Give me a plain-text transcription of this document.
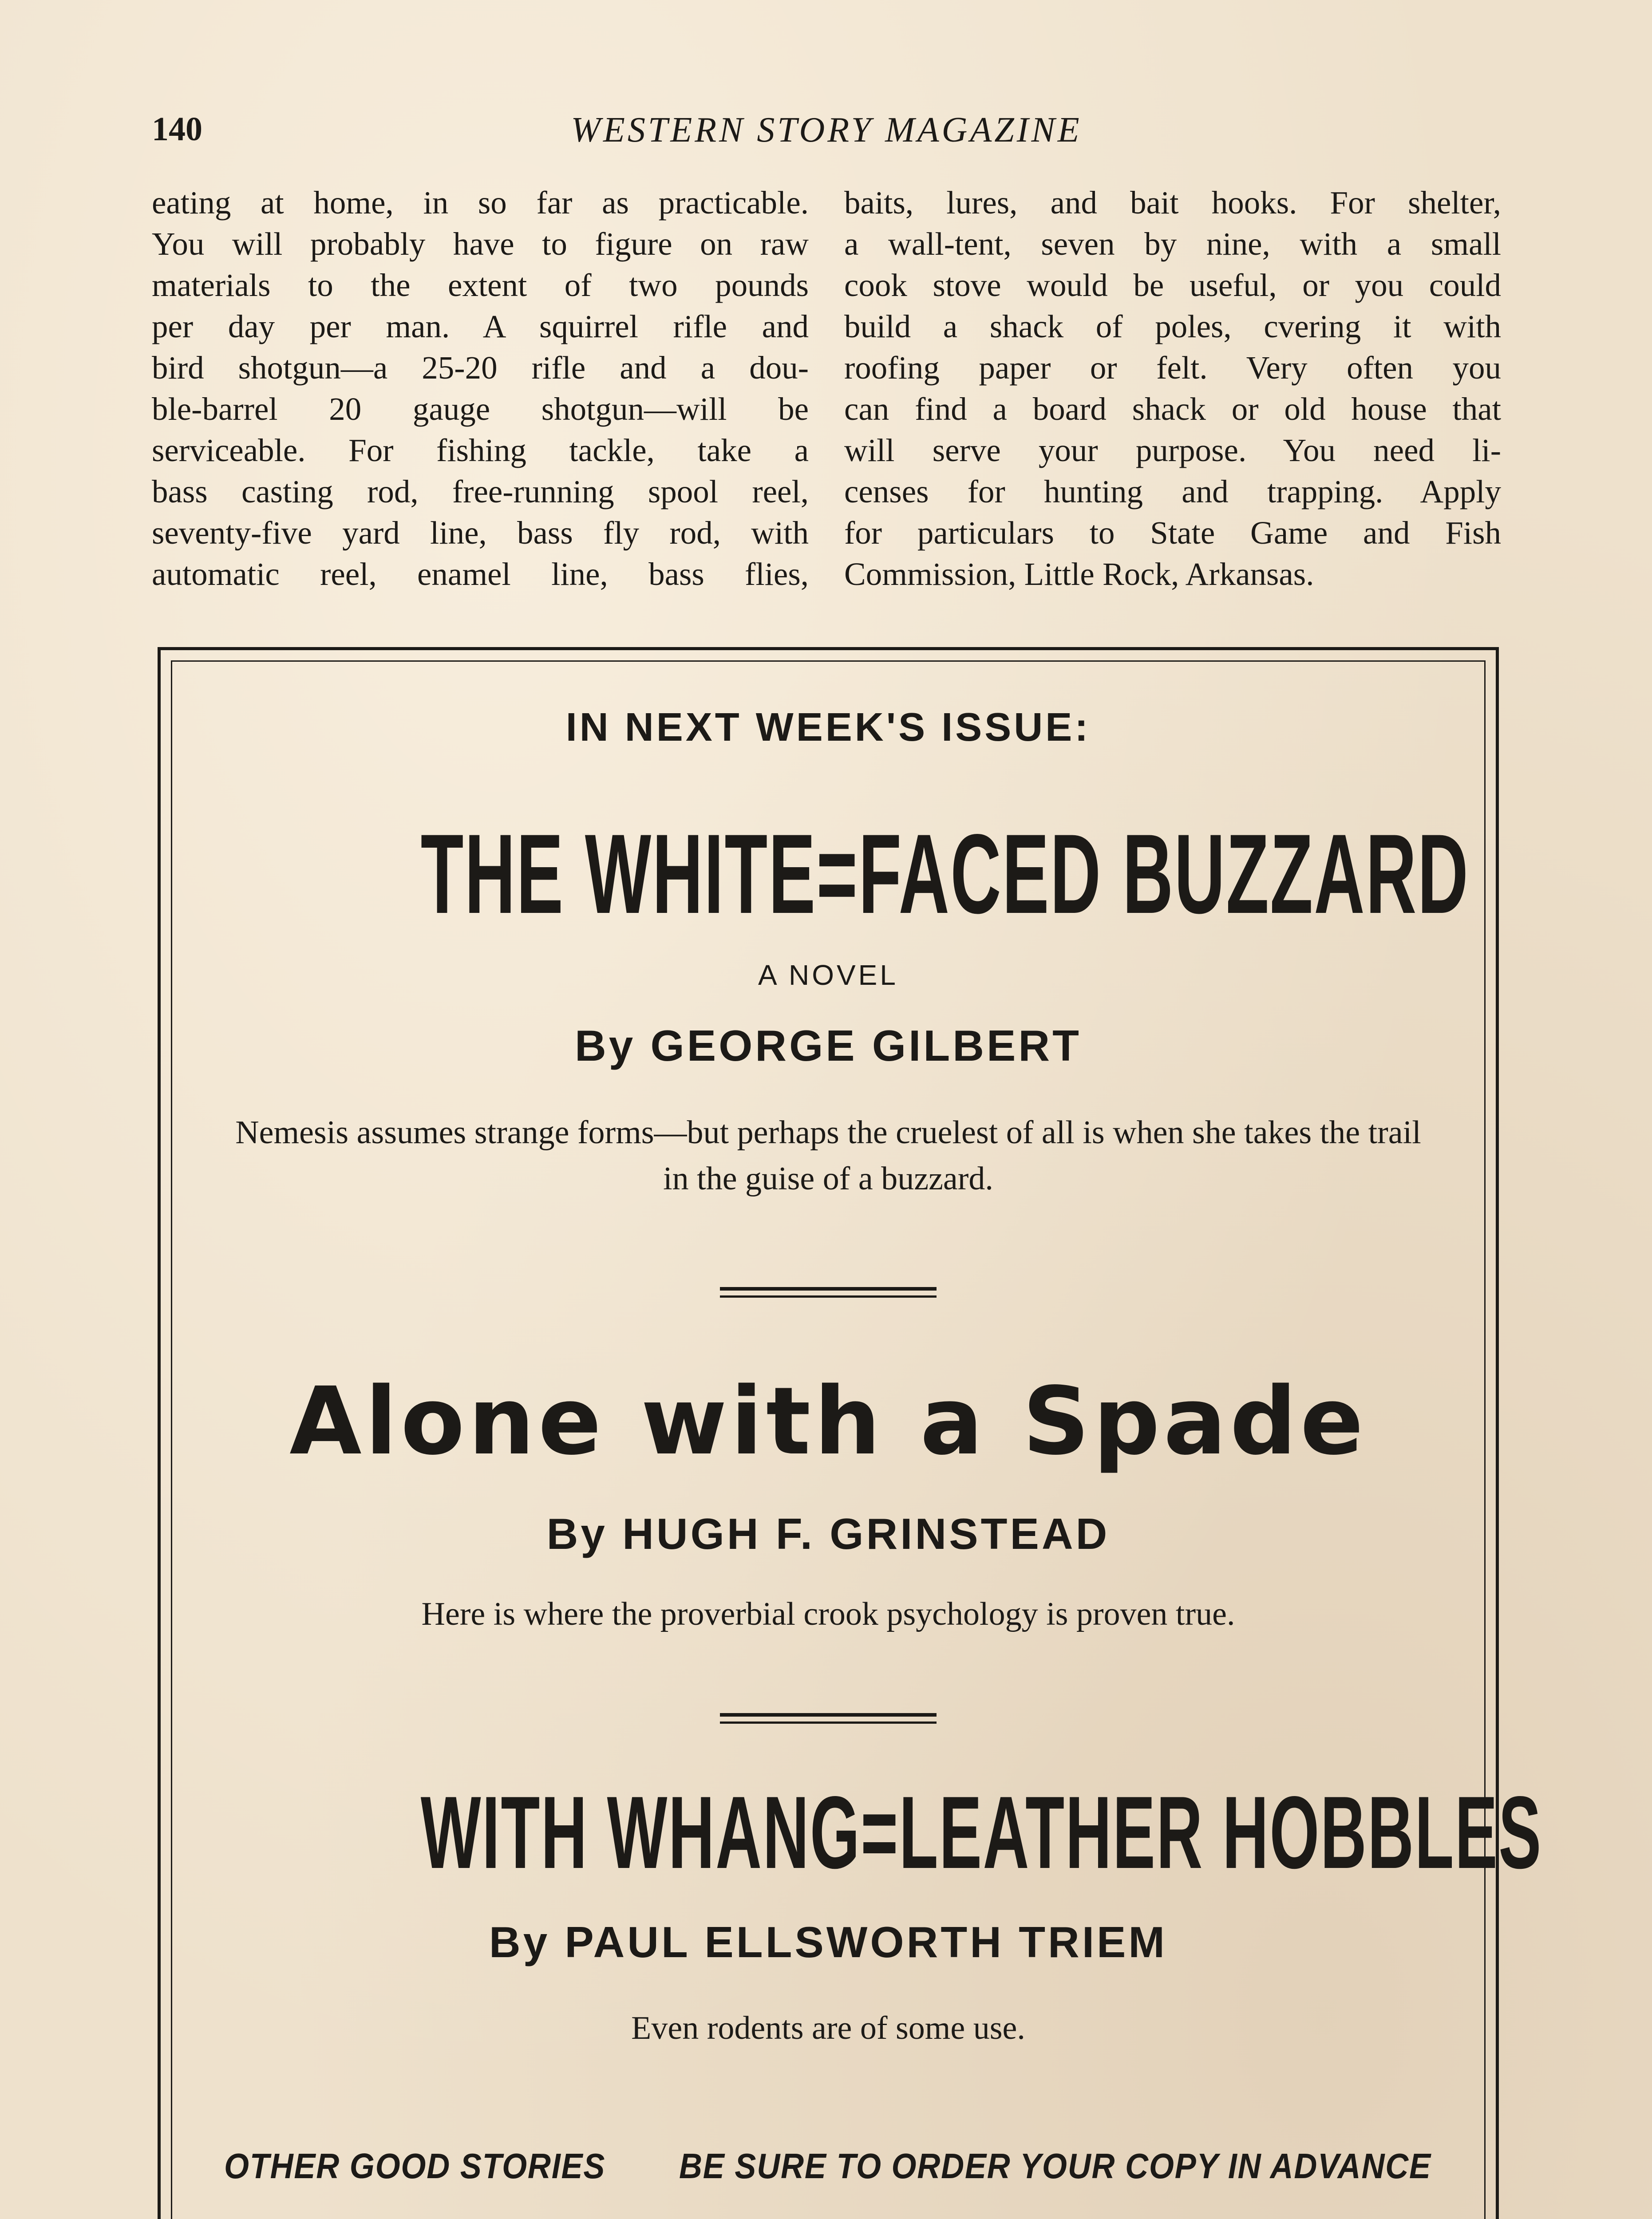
140	WESTERN STORY MAGAZINE
eating at home, in so far as practicable.
You will probably have to figure on raw
materials to the extent of two pounds
per day per man. A squirrel rifle and
bird shotgun—a 25-20 rifle and a dou-
ble-barrel 20 gauge shotgun—will be
serviceable. For fishing tackle, take a
bass casting rod, free-running spool reel,
seventy-five yard line, bass fly rod, with
automatic reel, enamel line, bass flies,
baits, lures, and bait hooks. For shelter,
a wall-tent, seven by nine, with a small
cook stove would be useful, or you could
build a shack of poles, cvering it with
roofing paper or felt. Very often you
can find a board shack or old house that
will serve your purpose. You need li-
censes for hunting and trapping. Apply
for particulars to State Game and Fish
Commission, Little Rock, Arkansas.
IN NEXT WEEK'S ISSUE:
THE WHITE=FACED BUZZARD
A NOVEL
By GEORGE GILBERT
Nemesis assumes strange forms—but perhaps the cruelest of all is when she takes the trail in the guise of a buzzard.
Alone with a Spade
By HUGH F. GRINSTEAD
Here is where the proverbial crook psychology is proven true.
WITH WHANG=LEATHER HOBBLES
By PAUL ELLSWORTH TRIEM
Even rodents are of some use.
OTHER GOOD STORIES BE SURE TO ORDER YOUR COPY IN ADVANCE
